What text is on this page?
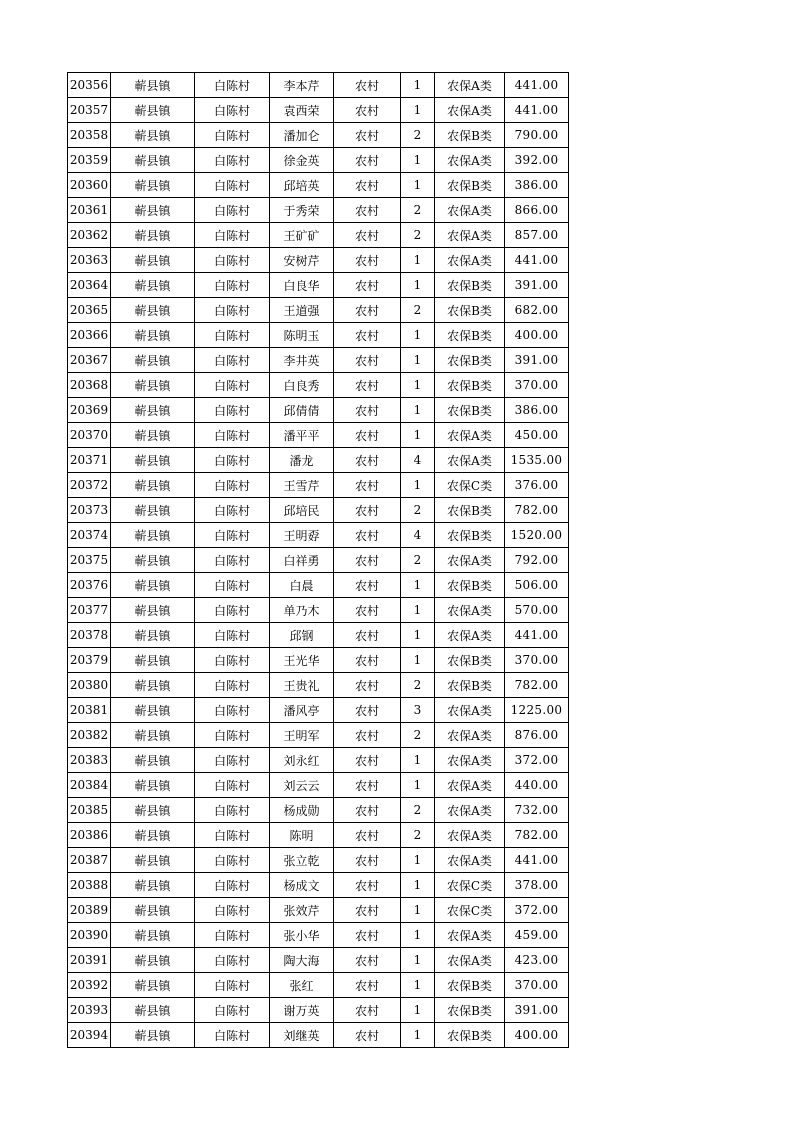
20356	蕲县镇	白陈村	李本芹	农村	1	农保A类	441.00
20357	蕲县镇	白陈村	袁西荣	农村	1	农保A类	441.00
20358	蕲县镇	白陈村	潘加仑	农村	2	农保B类	790.00
20359	蕲县镇	白陈村	徐金英	农村	1	农保A类	392.00
20360	蕲县镇	白陈村	邱培英	农村	1	农保B类	386.00
20361	蕲县镇	白陈村	于秀荣	农村	2	农保A类	866.00
20362	蕲县镇	白陈村	王矿矿	农村	2	农保A类	857.00
20363	蕲县镇	白陈村	安树芹	农村	1	农保A类	441.00
20364	蕲县镇	白陈村	白良华	农村	1	农保B类	391.00
20365	蕲县镇	白陈村	王道强	农村	2	农保B类	682.00
20366	蕲县镇	白陈村	陈明玉	农村	1	农保B类	400.00
20367	蕲县镇	白陈村	李井英	农村	1	农保B类	391.00
20368	蕲县镇	白陈村	白良秀	农村	1	农保B类	370.00
20369	蕲县镇	白陈村	邱倩倩	农村	1	农保B类	386.00
20370	蕲县镇	白陈村	潘平平	农村	1	农保A类	450.00
20371	蕲县镇	白陈村	潘龙	农村	4	农保A类	1535.00
20372	蕲县镇	白陈村	王雪芹	农村	1	农保C类	376.00
20373	蕲县镇	白陈村	邱培民	农村	2	农保B类	782.00
20374	蕲县镇	白陈村	王明孬	农村	4	农保B类	1520.00
20375	蕲县镇	白陈村	白祥勇	农村	2	农保A类	792.00
20376	蕲县镇	白陈村	白晨	农村	1	农保B类	506.00
20377	蕲县镇	白陈村	单乃木	农村	1	农保A类	570.00
20378	蕲县镇	白陈村	邱钢	农村	1	农保A类	441.00
20379	蕲县镇	白陈村	王光华	农村	1	农保B类	370.00
20380	蕲县镇	白陈村	王贵礼	农村	2	农保B类	782.00
20381	蕲县镇	白陈村	潘风亭	农村	3	农保A类	1225.00
20382	蕲县镇	白陈村	王明军	农村	2	农保A类	876.00
20383	蕲县镇	白陈村	刘永红	农村	1	农保A类	372.00
20384	蕲县镇	白陈村	刘云云	农村	1	农保A类	440.00
20385	蕲县镇	白陈村	杨成勋	农村	2	农保A类	732.00
20386	蕲县镇	白陈村	陈明	农村	2	农保A类	782.00
20387	蕲县镇	白陈村	张立乾	农村	1	农保A类	441.00
20388	蕲县镇	白陈村	杨成文	农村	1	农保C类	378.00
20389	蕲县镇	白陈村	张效芹	农村	1	农保C类	372.00
20390	蕲县镇	白陈村	张小华	农村	1	农保A类	459.00
20391	蕲县镇	白陈村	陶大海	农村	1	农保A类	423.00
20392	蕲县镇	白陈村	张红	农村	1	农保B类	370.00
20393	蕲县镇	白陈村	谢万英	农村	1	农保B类	391.00
20394	蕲县镇	白陈村	刘继英	农村	1	农保B类	400.00
